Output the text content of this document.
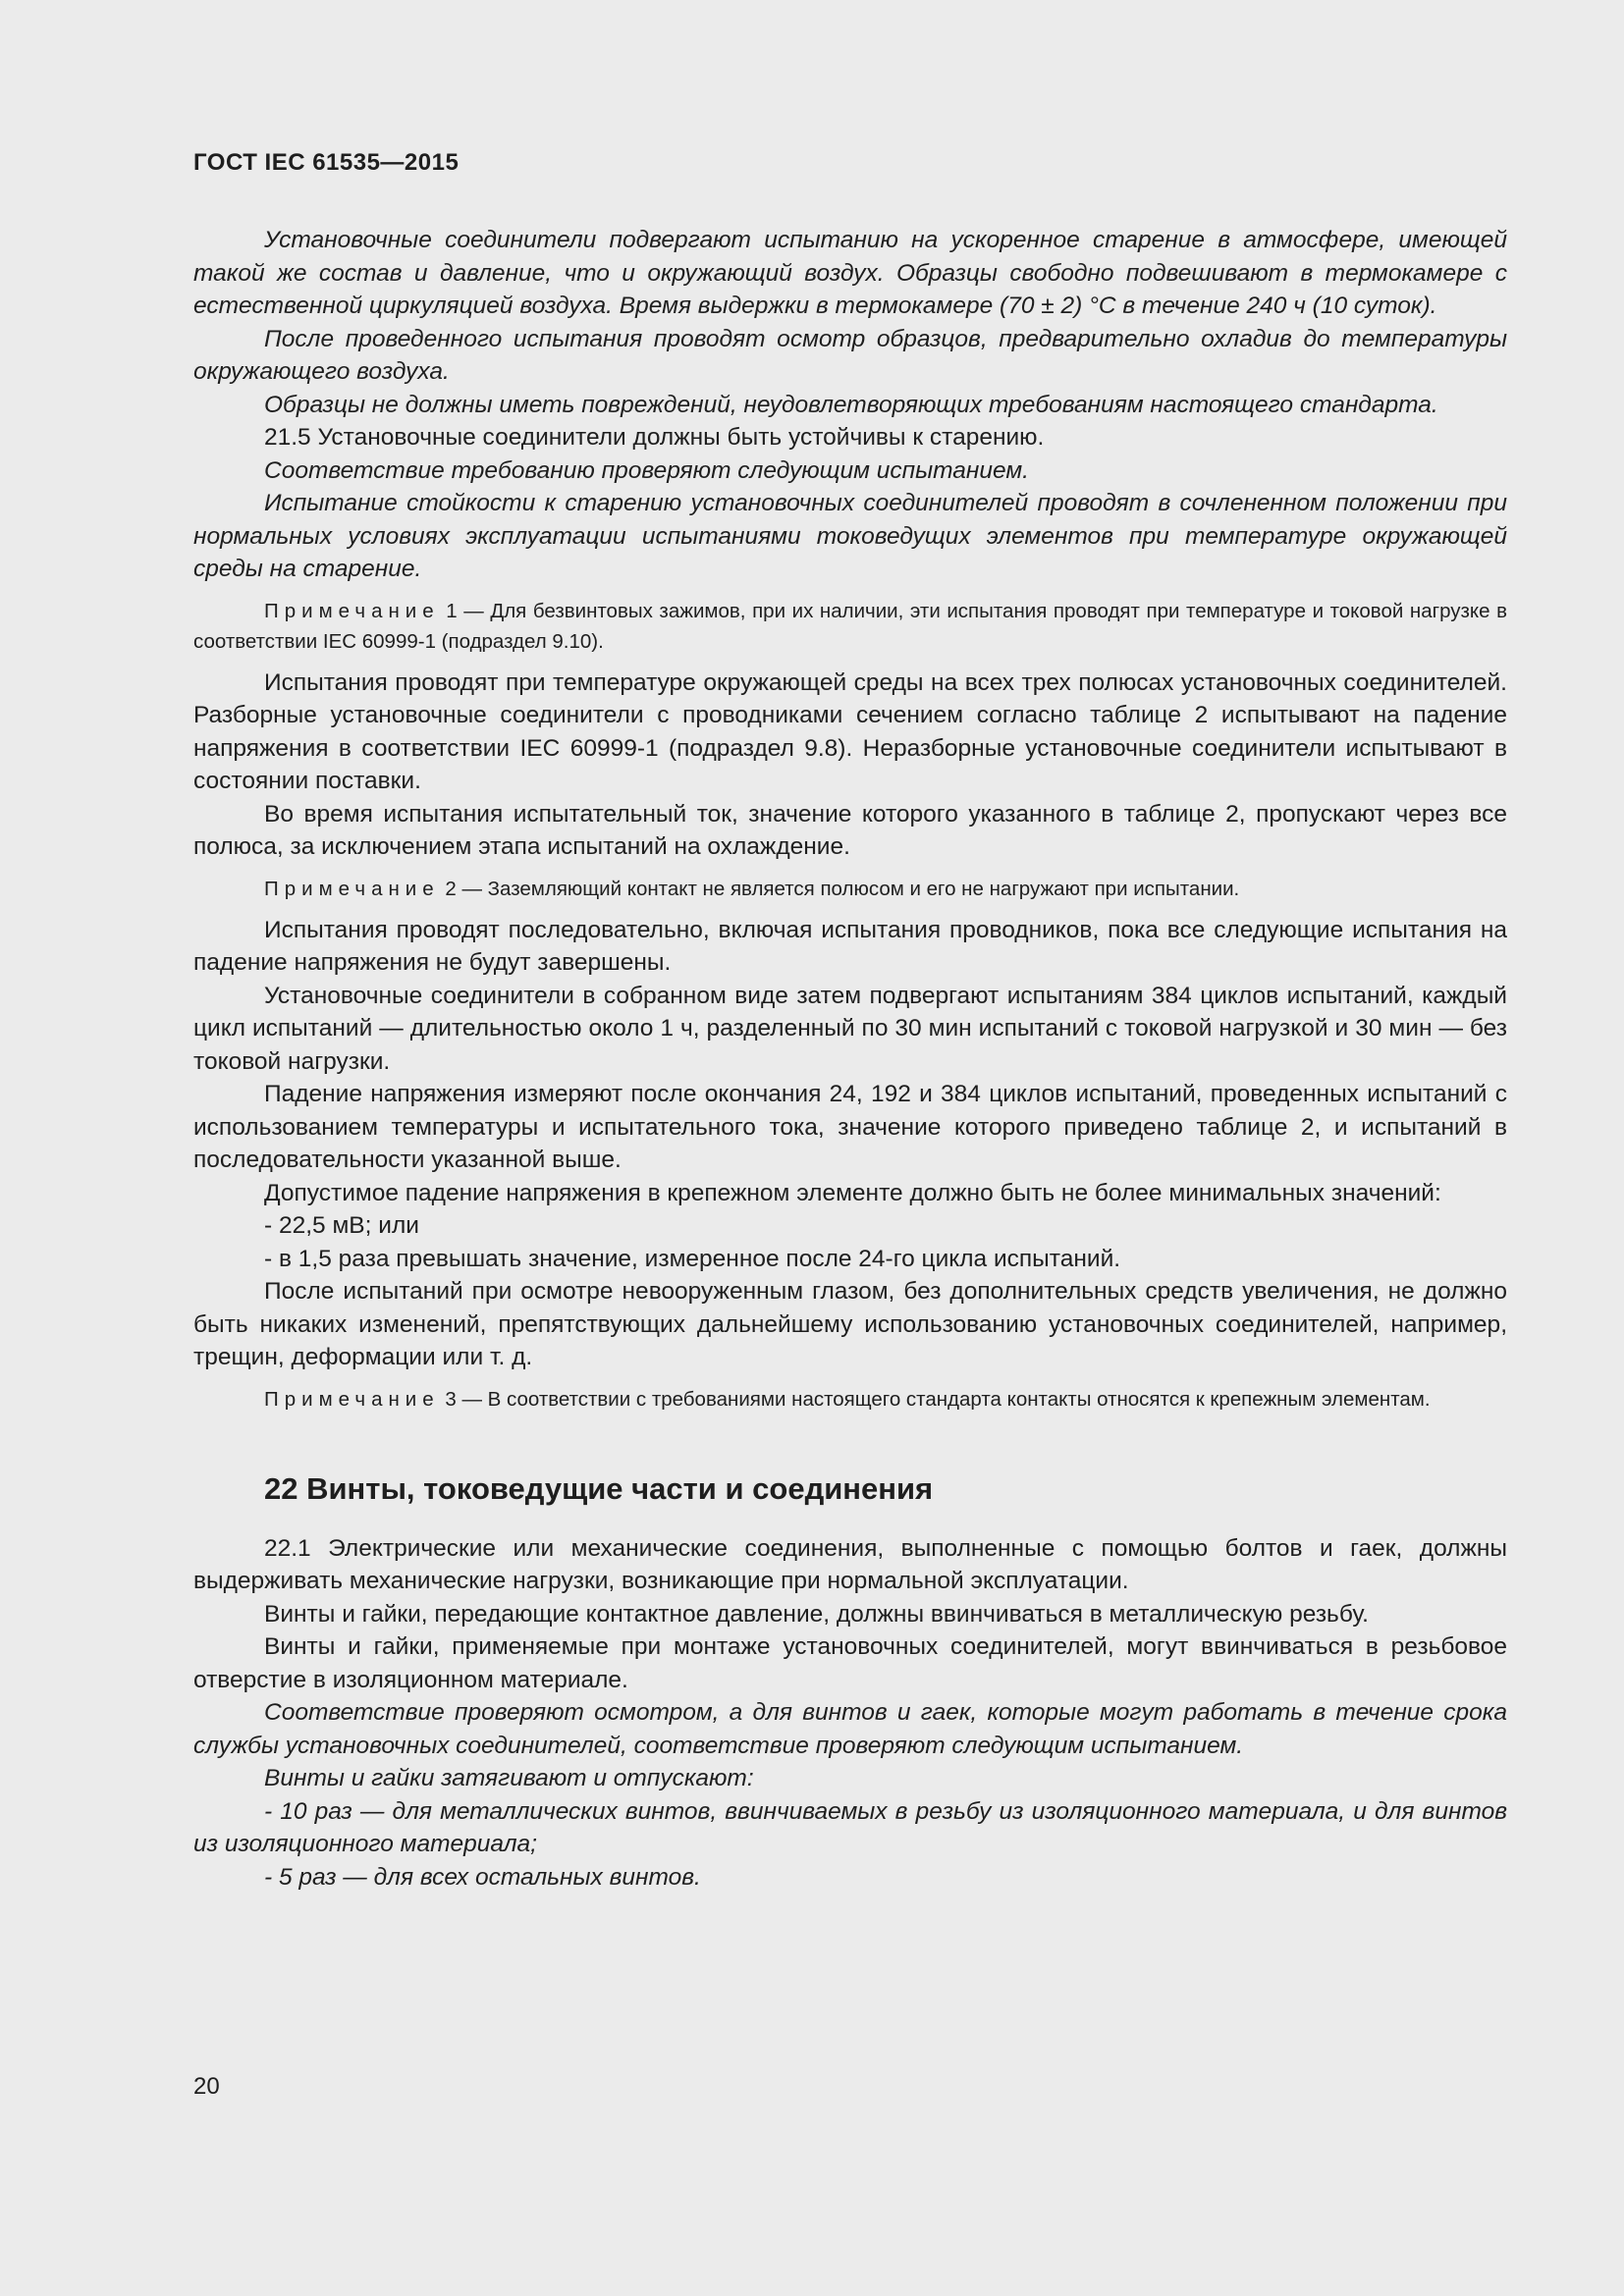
ГОСТ IEC 61535—2015

Установочные соединители подвергают испытанию на ускоренное старение в атмосфере, имеющей такой же состав и давление, что и окружающий воздух. Образцы свободно подвешивают в термокамере с естественной циркуляцией воздуха. Время выдержки в термокамере (70 ± 2) °С в течение 240 ч (10 суток).

После проведенного испытания проводят осмотр образцов, предварительно охладив до температуры окружающего воздуха.

Образцы не должны иметь повреждений, неудовлетворяющих требованиям настоящего стандарта.

21.5 Установочные соединители должны быть устойчивы к старению.

Соответствие требованию проверяют следующим испытанием.

Испытание стойкости к старению установочных соединителей проводят в сочлененном положении при нормальных условиях эксплуатации испытаниями токоведущих элементов при температуре окружающей среды на старение.

Примечание 1 — Для безвинтовых зажимов, при их наличии, эти испытания проводят при температуре и токовой нагрузке в соответствии IEC 60999-1 (подраздел 9.10).

Испытания проводят при температуре окружающей среды на всех трех полюсах установочных соединителей. Разборные установочные соединители с проводниками сечением согласно таблице 2 испытывают на падение напряжения в соответствии IEC 60999-1 (подраздел 9.8). Неразборные установочные соединители испытывают в состоянии поставки.

Во время испытания испытательный ток, значение которого указанного в таблице 2, пропускают через все полюса, за исключением этапа испытаний на охлаждение.

Примечание 2 — Заземляющий контакт не является полюсом и его не нагружают при испытании.

Испытания проводят последовательно, включая испытания проводников, пока все следующие испытания на падение напряжения не будут завершены.

Установочные соединители в собранном виде затем подвергают испытаниям 384 циклов испытаний, каждый цикл испытаний — длительностью около 1 ч, разделенный по 30 мин испытаний с токовой нагрузкой и 30 мин — без токовой нагрузки.

Падение напряжения измеряют после окончания 24, 192 и 384 циклов испытаний, проведенных испытаний с использованием температуры и испытательного тока, значение которого приведено таблице 2, и испытаний в последовательности указанной выше.

Допустимое падение напряжения в крепежном элементе должно быть не более минимальных значений:

- 22,5 мВ; или

- в 1,5 раза превышать значение, измеренное после 24-го цикла испытаний.

После испытаний при осмотре невооруженным глазом, без дополнительных средств увеличения, не должно быть никаких изменений, препятствующих дальнейшему использованию установочных соединителей, например, трещин, деформации или т. д.

Примечание 3 — В соответствии с требованиями настоящего стандарта контакты относятся к крепежным элементам.

22 Винты, токоведущие части и соединения

22.1 Электрические или механические соединения, выполненные с помощью болтов и гаек, должны выдерживать механические нагрузки, возникающие при нормальной эксплуатации.

Винты и гайки, передающие контактное давление, должны ввинчиваться в металлическую резьбу.

Винты и гайки, применяемые при монтаже установочных соединителей, могут ввинчиваться в резьбовое отверстие в изоляционном материале.

Соответствие проверяют осмотром, а для винтов и гаек, которые могут работать в течение срока службы установочных соединителей, соответствие проверяют следующим испытанием.

Винты и гайки затягивают и отпускают:

- 10 раз — для металлических винтов, ввинчиваемых в резьбу из изоляционного материала, и для винтов из изоляционного материала;

- 5 раз — для всех остальных винтов.

20
